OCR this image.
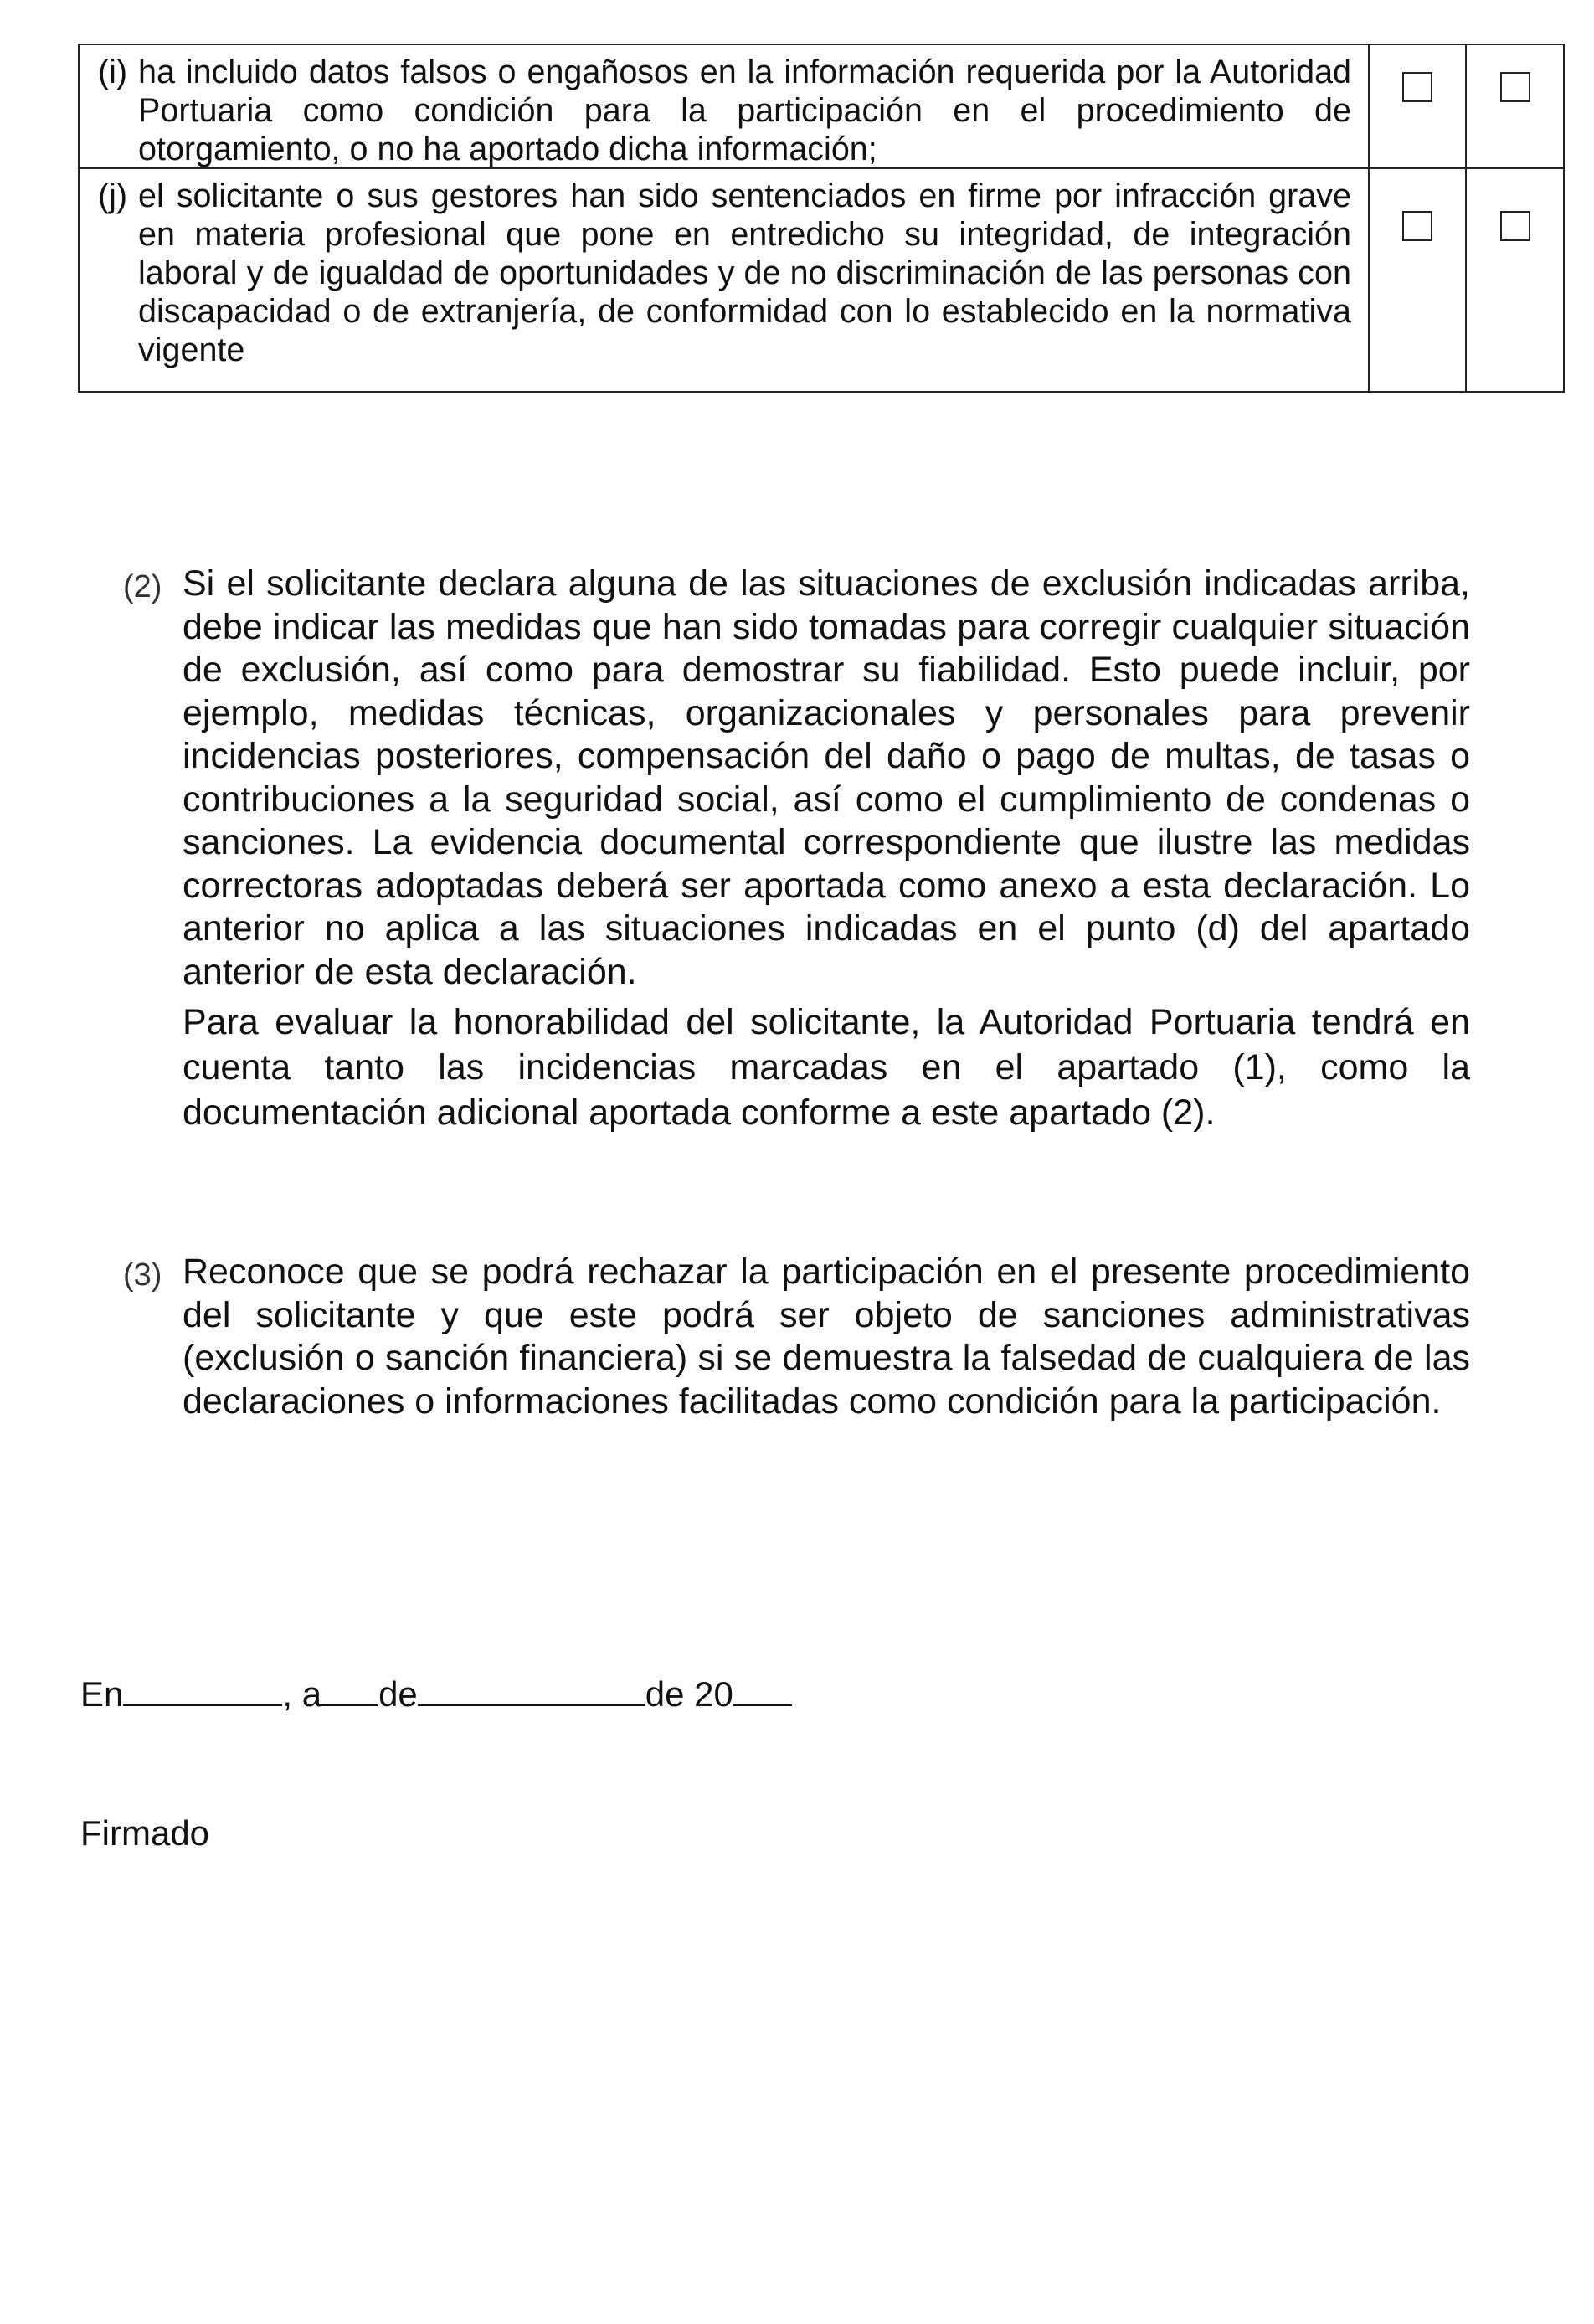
(i) ha incluido datos falsos o engañosos en la información requerida por la Autoridad Portuaria como condición para la participación en el procedimiento de otorgamiento, o no ha aportado dicha información;		

(j) el solicitante o sus gestores han sido sentenciados en firme por infracción grave en materia profesional que pone en entredicho su integridad, de integración laboral y de igualdad de oportunidades y de no discriminación de las personas con discapacidad o de extranjería, de conformidad con lo establecido en la normativa vigente		

(2) Si el solicitante declara alguna de las situaciones de exclusión indicadas arriba, debe indicar las medidas que han sido tomadas para corregir cualquier situación de exclusión, así como para demostrar su fiabilidad. Esto puede incluir, por ejemplo, medidas técnicas, organizacionales y personales para prevenir incidencias posteriores, compensación del daño o pago de multas, de tasas o contribuciones a la seguridad social, así como el cumplimiento de condenas o sanciones. La evidencia documental correspondiente que ilustre las medidas correctoras adoptadas deberá ser aportada como anexo a esta declaración. Lo anterior no aplica a las situaciones indicadas en el punto (d) del apartado anterior de esta declaración.

Para evaluar la honorabilidad del solicitante, la Autoridad Portuaria tendrá en cuenta tanto las incidencias marcadas en el apartado (1), como la documentación adicional aportada conforme a este apartado (2).

(3) Reconoce que se podrá rechazar la participación en el presente procedimiento del solicitante y que este podrá ser objeto de sanciones administrativas (exclusión o sanción financiera) si se demuestra la falsedad de cualquiera de las declaraciones o informaciones facilitadas como condición para la participación.

En	, a de	de 20
Firmado
